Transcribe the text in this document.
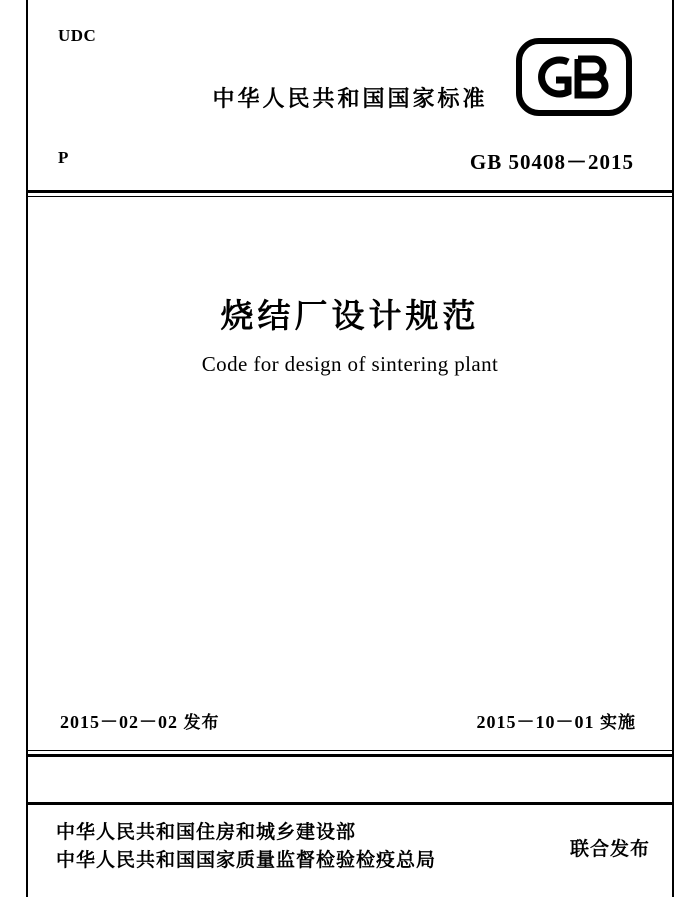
UDC
中华人民共和国国家标准
P	GB 50408－2015
烧结厂设计规范
Code for design of sintering plant
2015－02－02 发布	2015－10－01 实施
中华人民共和国住房和城乡建设部
中华人民共和国国家质量监督检验检疫总局	联合发布
